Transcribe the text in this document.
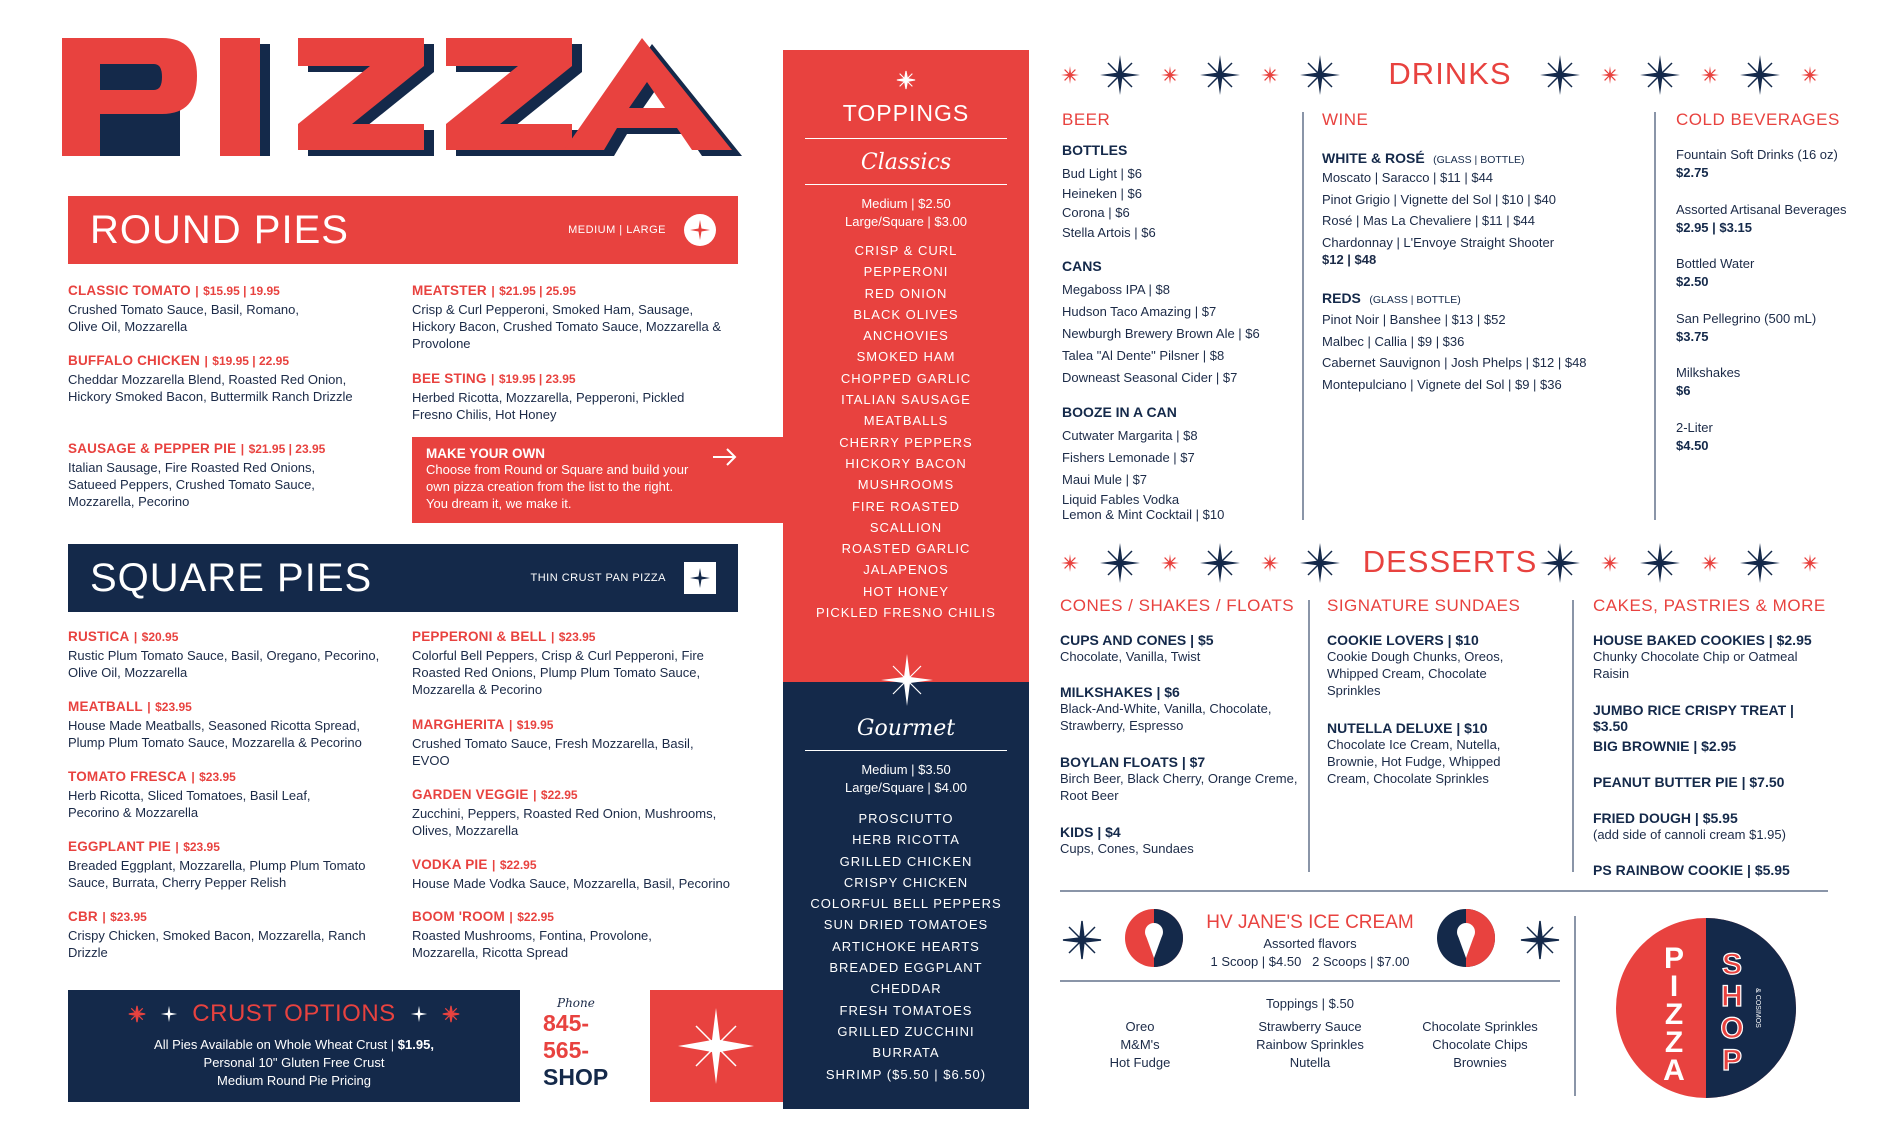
ROUND PIES	MEDIUM | LARGE
CLASSIC TOMATO | $15.95 | 19.95
Crushed Tomato Sauce, Basil, Romano, Olive Oil, Mozzarella
BUFFALO CHICKEN | $19.95 | 22.95
Cheddar Mozzarella Blend, Roasted Red Onion, Hickory Smoked Bacon, Buttermilk Ranch Drizzle
SAUSAGE & PEPPER PIE | $21.95 | 23.95
Italian Sausage, Fire Roasted Red Onions, Satueed Peppers, Crushed Tomato Sauce, Mozzarella, Pecorino
MEATSTER | $21.95 | 25.95
Crisp & Curl Pepperoni, Smoked Ham, Sausage, Hickory Bacon, Crushed Tomato Sauce, Mozzarella & Provolone
BEE STING | $19.95 | 23.95
Herbed Ricotta, Mozzarella, Pepperoni, Pickled Fresno Chilis, Hot Honey
MAKE YOUR OWN
Choose from Round or Square and build your own pizza creation from the list to the right. You dream it, we make it.
SQUARE PIES	THIN CRUST PAN PIZZA
RUSTICA | $20.95
Rustic Plum Tomato Sauce, Basil, Oregano, Pecorino, Olive Oil, Mozzarella
MEATBALL | $23.95
House Made Meatballs, Seasoned Ricotta Spread, Plump Plum Tomato Sauce, Mozzarella & Pecorino
TOMATO FRESCA | $23.95
Herb Ricotta, Sliced Tomatoes, Basil Leaf, Pecorino & Mozzarella
EGGPLANT PIE | $23.95
Breaded Eggplant, Mozzarella, Plump Plum Tomato Sauce, Burrata, Cherry Pepper Relish
CBR | $23.95
Crispy Chicken, Smoked Bacon, Mozzarella, Ranch Drizzle
PEPPERONI & BELL | $23.95
Colorful Bell Peppers, Crisp & Curl Pepperoni, Fire Roasted Red Onions, Plump Plum Tomato Sauce, Mozzarella & Pecorino
MARGHERITA | $19.95
Crushed Tomato Sauce, Fresh Mozzarella, Basil, EVOO
GARDEN VEGGIE | $22.95
Zucchini, Peppers, Roasted Red Onion, Mushrooms, Olives, Mozzarella
VODKA PIE | $22.95
House Made Vodka Sauce, Mozzarella, Basil, Pecorino
BOOM 'ROOM | $22.95
Roasted Mushrooms, Fontina, Provolone, Mozzarella, Ricotta Spread
CRUST OPTIONS
All Pies Available on Whole Wheat Crust | $1.95,
Personal 10" Gluten Free Crust
Medium Round Pie Pricing
Phone
845-
565-
SHOP
TOPPINGS
Classics
Medium | $2.50
Large/Square | $3.00
CRISP & CURL
PEPPERONI
RED ONION
BLACK OLIVES
ANCHOVIES
SMOKED HAM
CHOPPED GARLIC
ITALIAN SAUSAGE
MEATBALLS
CHERRY PEPPERS
HICKORY BACON
MUSHROOMS
FIRE ROASTED
SCALLION
ROASTED GARLIC
JALAPENOS
HOT HONEY
PICKLED FRESNO CHILIS
Gourmet
Medium | $3.50
Large/Square | $4.00
PROSCIUTTO
HERB RICOTTA
GRILLED CHICKEN
CRISPY CHICKEN
COLORFUL BELL PEPPERS
SUN DRIED TOMATOES
ARTICHOKE HEARTS
BREADED EGGPLANT
CHEDDAR
FRESH TOMATOES
GRILLED ZUCCHINI
BURRATA
SHRIMP ($5.50 | $6.50)
DRINKS
BEER
BOTTLES
Bud Light | $6
Heineken | $6
Corona | $6
Stella Artois | $6
CANS
Megaboss IPA | $8
Hudson Taco Amazing | $7
Newburgh Brewery Brown Ale | $6
Talea "Al Dente" Pilsner | $8
Downeast Seasonal Cider | $7
BOOZE IN A CAN
Cutwater Margarita | $8
Fishers Lemonade | $7
Maui Mule | $7
Liquid Fables Vodka
Lemon & Mint Cocktail | $10
WINE
WHITE & ROSÉ (GLASS | BOTTLE)
Moscato | Saracco | $11 | $44
Pinot Grigio | Vignette del Sol | $10 | $40
Rosé | Mas La Chevaliere | $11 | $44
Chardonnay | L'Envoye Straight Shooter
$12 | $48
REDS (GLASS | BOTTLE)
Pinot Noir | Banshee | $13 | $52
Malbec | Callia | $9 | $36
Cabernet Sauvignon | Josh Phelps | $12 | $48
Montepulciano | Vignete del Sol | $9 | $36
COLD BEVERAGES
Fountain Soft Drinks (16 oz)
$2.75
Assorted Artisanal Beverages
$2.95 | $3.15
Bottled Water
$2.50
San Pellegrino (500 mL)
$3.75
Milkshakes
$6
2-Liter
$4.50
DESSERTS
CONES / SHAKES / FLOATS
CUPS AND CONES | $5
Chocolate, Vanilla, Twist
MILKSHAKES | $6
Black-And-White, Vanilla, Chocolate, Strawberry, Espresso
BOYLAN FLOATS | $7
Birch Beer, Black Cherry, Orange Creme, Root Beer
KIDS | $4
Cups, Cones, Sundaes
SIGNATURE SUNDAES
COOKIE LOVERS | $10
Cookie Dough Chunks, Oreos, Whipped Cream, Chocolate Sprinkles
NUTELLA DELUXE | $10
Chocolate Ice Cream, Nutella, Brownie, Hot Fudge, Whipped Cream, Chocolate Sprinkles
CAKES, PASTRIES & MORE
HOUSE BAKED COOKIES | $2.95
Chunky Chocolate Chip or Oatmeal Raisin
JUMBO RICE CRISPY TREAT | $3.50
BIG BROWNIE | $2.95
PEANUT BUTTER PIE | $7.50
FRIED DOUGH | $5.95
(add side of cannoli cream $1.95)
PS RAINBOW COOKIE | $5.95
HV JANE'S ICE CREAM
Assorted flavors
1 Scoop | $4.50 2 Scoops | $7.00
Toppings | $.50
Oreo
M&M's
Hot Fudge
Strawberry Sauce
Rainbow Sprinkles
Nutella
Chocolate Sprinkles
Chocolate Chips
Brownies
P
I
Z
Z
A
S
H
O
P
& COSIMOS
